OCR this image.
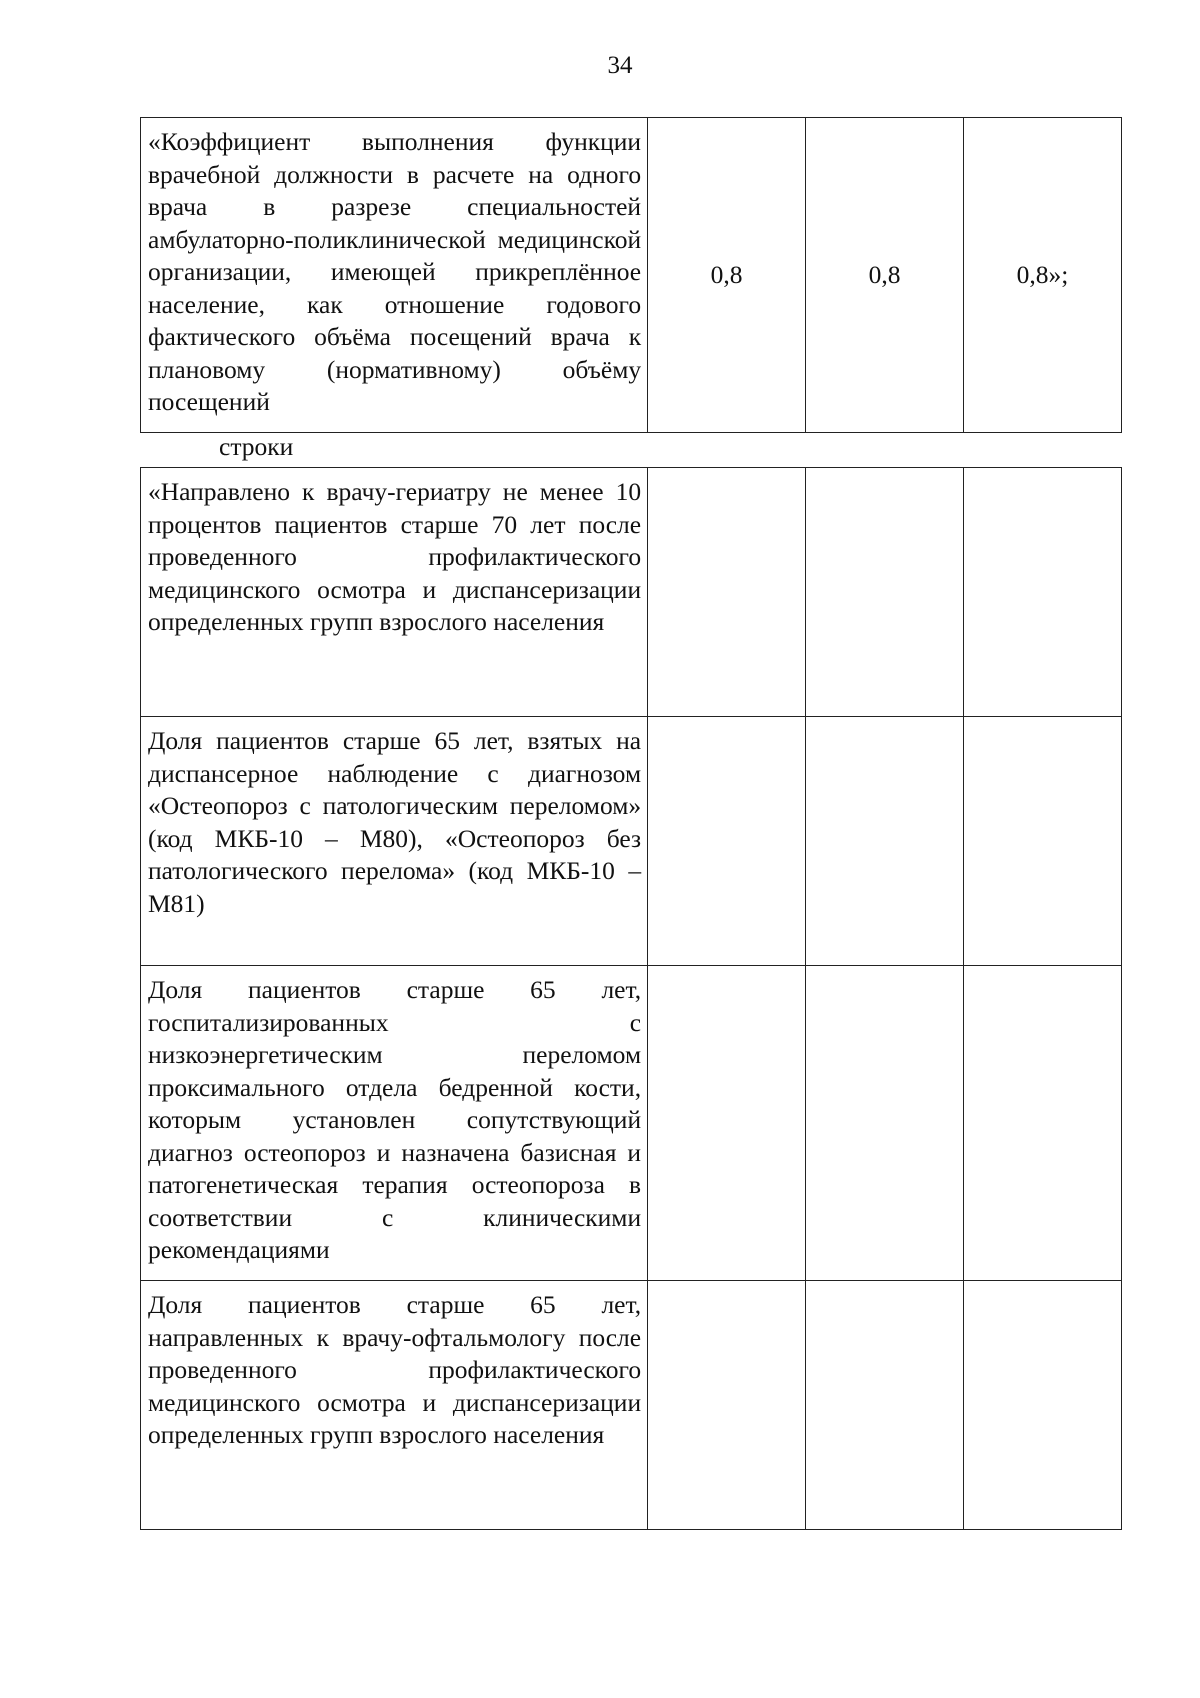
34
«Коэффициент выполнения функции врачебной должности в расчете на одного врача в разрезе специальностей амбулаторно-поликлинической медицинской организации, имеющей прикреплённое население, как отношение годового фактического объёма посещений врача к плановому (нормативному) объёму посещений	0,8	0,8	0,8»;
строки
«Направлено к врачу-гериатру не менее 10 процентов пациентов старше 70 лет после проведенного профилактического медицинского осмотра и диспансеризации определенных групп взрослого населения			
Доля пациентов старше 65 лет, взятых на диспансерное наблюдение с диагнозом «Остеопороз с патологическим переломом» (код МКБ-10 – М80), «Остеопороз без патологического перелома» (код МКБ-10 – М81)			
Доля пациентов старше 65 лет, госпитализированных с низкоэнергетическим переломом проксимального отдела бедренной кости, которым установлен сопутствующий диагноз остеопороз и назначена базисная и патогенетическая терапия остеопороза в соответствии с клиническими рекомендациями			
Доля пациентов старше 65 лет, направленных к врачу-офтальмологу после проведенного профилактического медицинского осмотра и диспансеризации определенных групп взрослого населения			
